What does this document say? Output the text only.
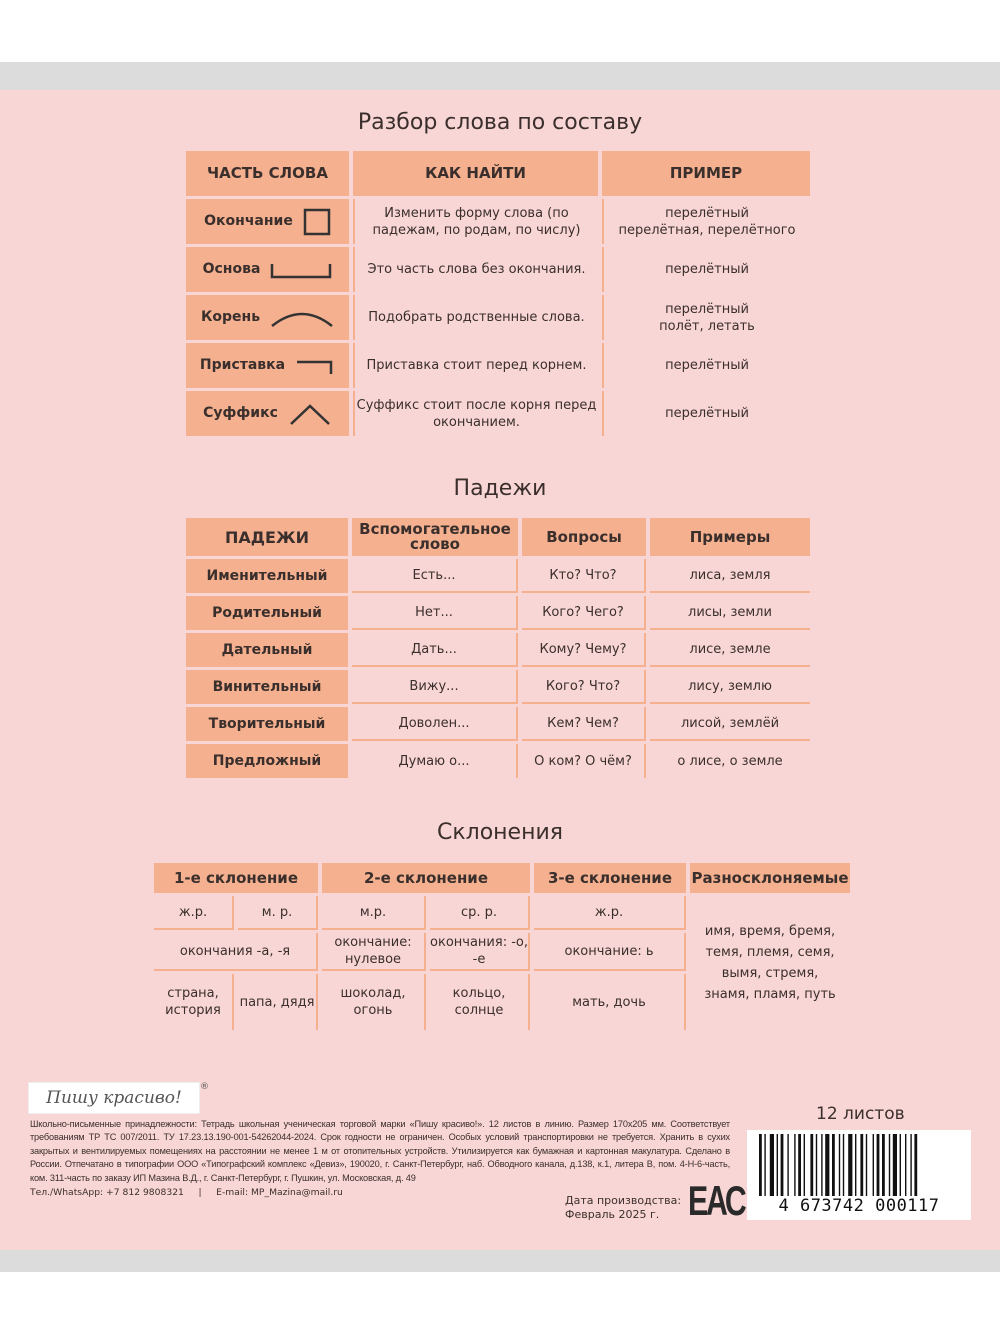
Разбор слова по составу
ЧАСТЬ СЛОВА	КАК НАЙТИ	ПРИМЕР

Окончание	Изменить форму слова (по падежам, по родам, по числу)	перелётный
перелётная, перелётного

Основа	Это часть слова без окончания.	перелётный

Корень	Подобрать родственные слова.	перелётный
полёт, летать

Приставка	Приставка стоит перед корнем.	перелётный

Суффикс	Суффикс стоит после корня перед окончанием.	перелётный
Падежи
ПАДЕЖИ	Вспомогательное слово	Вопросы	Примеры
Именительный	Есть...	Кто? Что?	лиса, земля
Родительный	Нет...	Кого? Чего?	лисы, земли
Дательный	Дать...	Кому? Чему?	лисе, земле
Винительный	Вижу...	Кого? Что?	лису, землю
Творительный	Доволен...	Кем? Чем?	лисой, землёй
Предложный	Думаю о...	О ком? О чём?	о лисе, о земле
Склонения
1-е склонение		2-е склонение		3-е склонение	Разносклоняемые
ж.р.	м. р.	м.р.	ср. р.	ж.р.	имя, время, бремя, темя, племя, семя, вымя, стремя, знамя, пламя, путь
окончания -а, -я		окончание: нулевое	окончания: -о, -е	окончание: ь	
страна, история	папа, дядя	шоколад, огонь	кольцо, солнце	мать, дочь	
Пишу красиво!
®
Школьно-письменные принадлежности: Тетрадь школьная ученическая торговой марки «Пишу красиво!». 12 листов в линию. Размер 170х205 мм. Соответствует требованиям ТР ТС 007/2011. ТУ 17.23.13.190-001-54262044-2024. Срок годности не ограничен. Особых условий транспортировки не требуется. Хранить в сухих закрытых и вентилируемых помещениях на расстоянии не менее 1 м от отопительных устройств. Утилизируется как бумажная и картонная макулатура. Сделано в России. Отпечатано в типографии ООО «Типографский комплекс «Девиз», 190020, г. Санкт-Петербург, наб. Обводного канала, д.138, к.1, литера В, пом. 4-Н-6-часть, ком. 311-часть по заказу ИП Мазина В.Д., г. Санкт-Петербург, г. Пушкин, ул. Московская, д. 49
Тел./WhatsApp: +7 812 9808321     |     E-mail: MP_Mazina@mail.ru
Дата производства:
Февраль 2025 г. ЕАС
12 листов
4 673742 000117
